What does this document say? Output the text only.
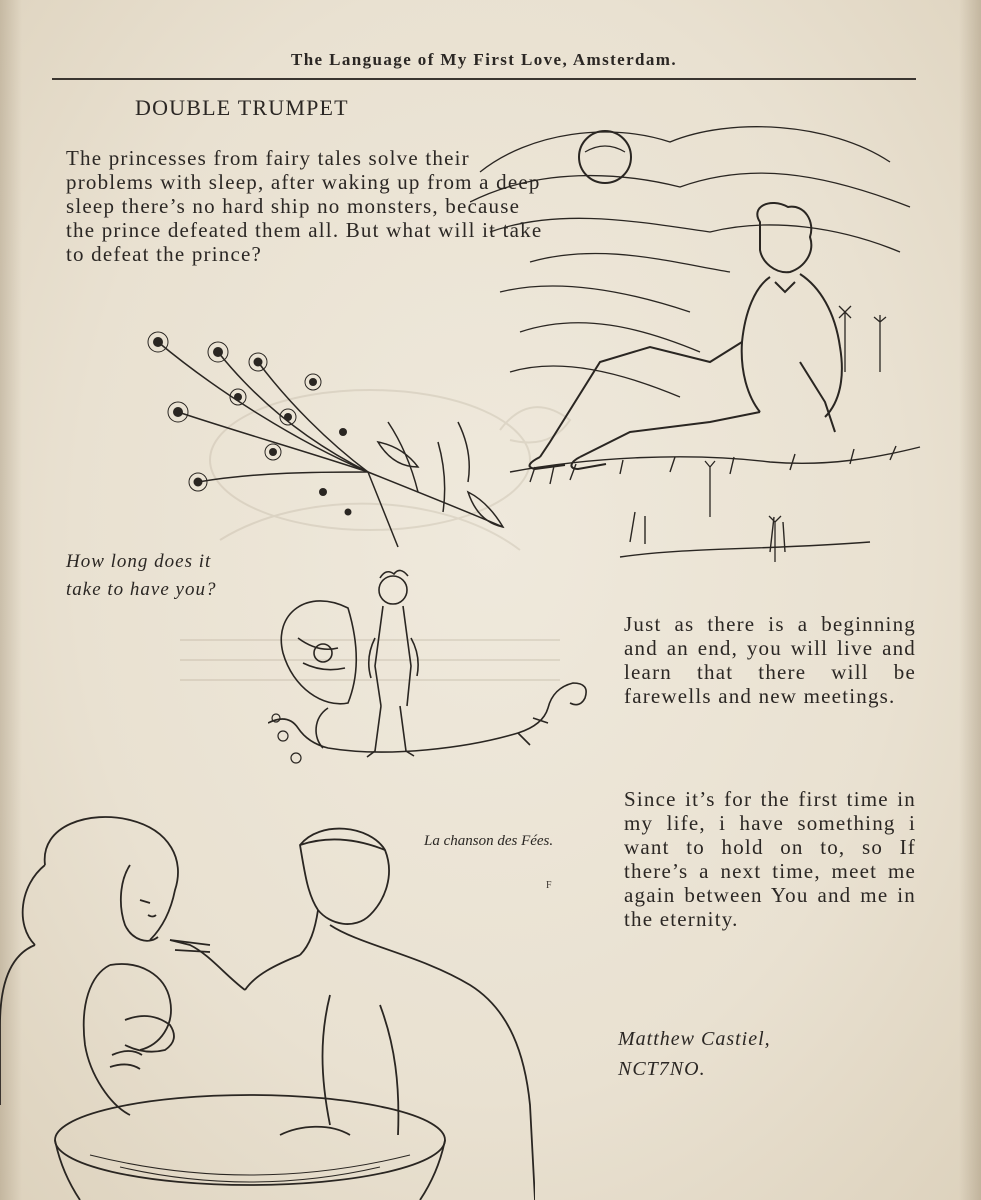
The Language of My First Love, Amsterdam.
DOUBLE TRUMPET
The princesses from fairy tales solve their problems with sleep, after waking up from a deep sleep there’s no hard ship no monsters, because the prince defeated them all. But what will it take to defeat the prince?
How long does it
take to have you?
Just as there is a beginning and an end, you will live and learn that there will be farewells and new meetings.
Since it’s for the first time in my life, i have something i want to hold on to, so If there’s a next time, meet me again between You and me in the eternity.
La chanson des Fées.
F
Matthew Castiel,
NCT7NO.
